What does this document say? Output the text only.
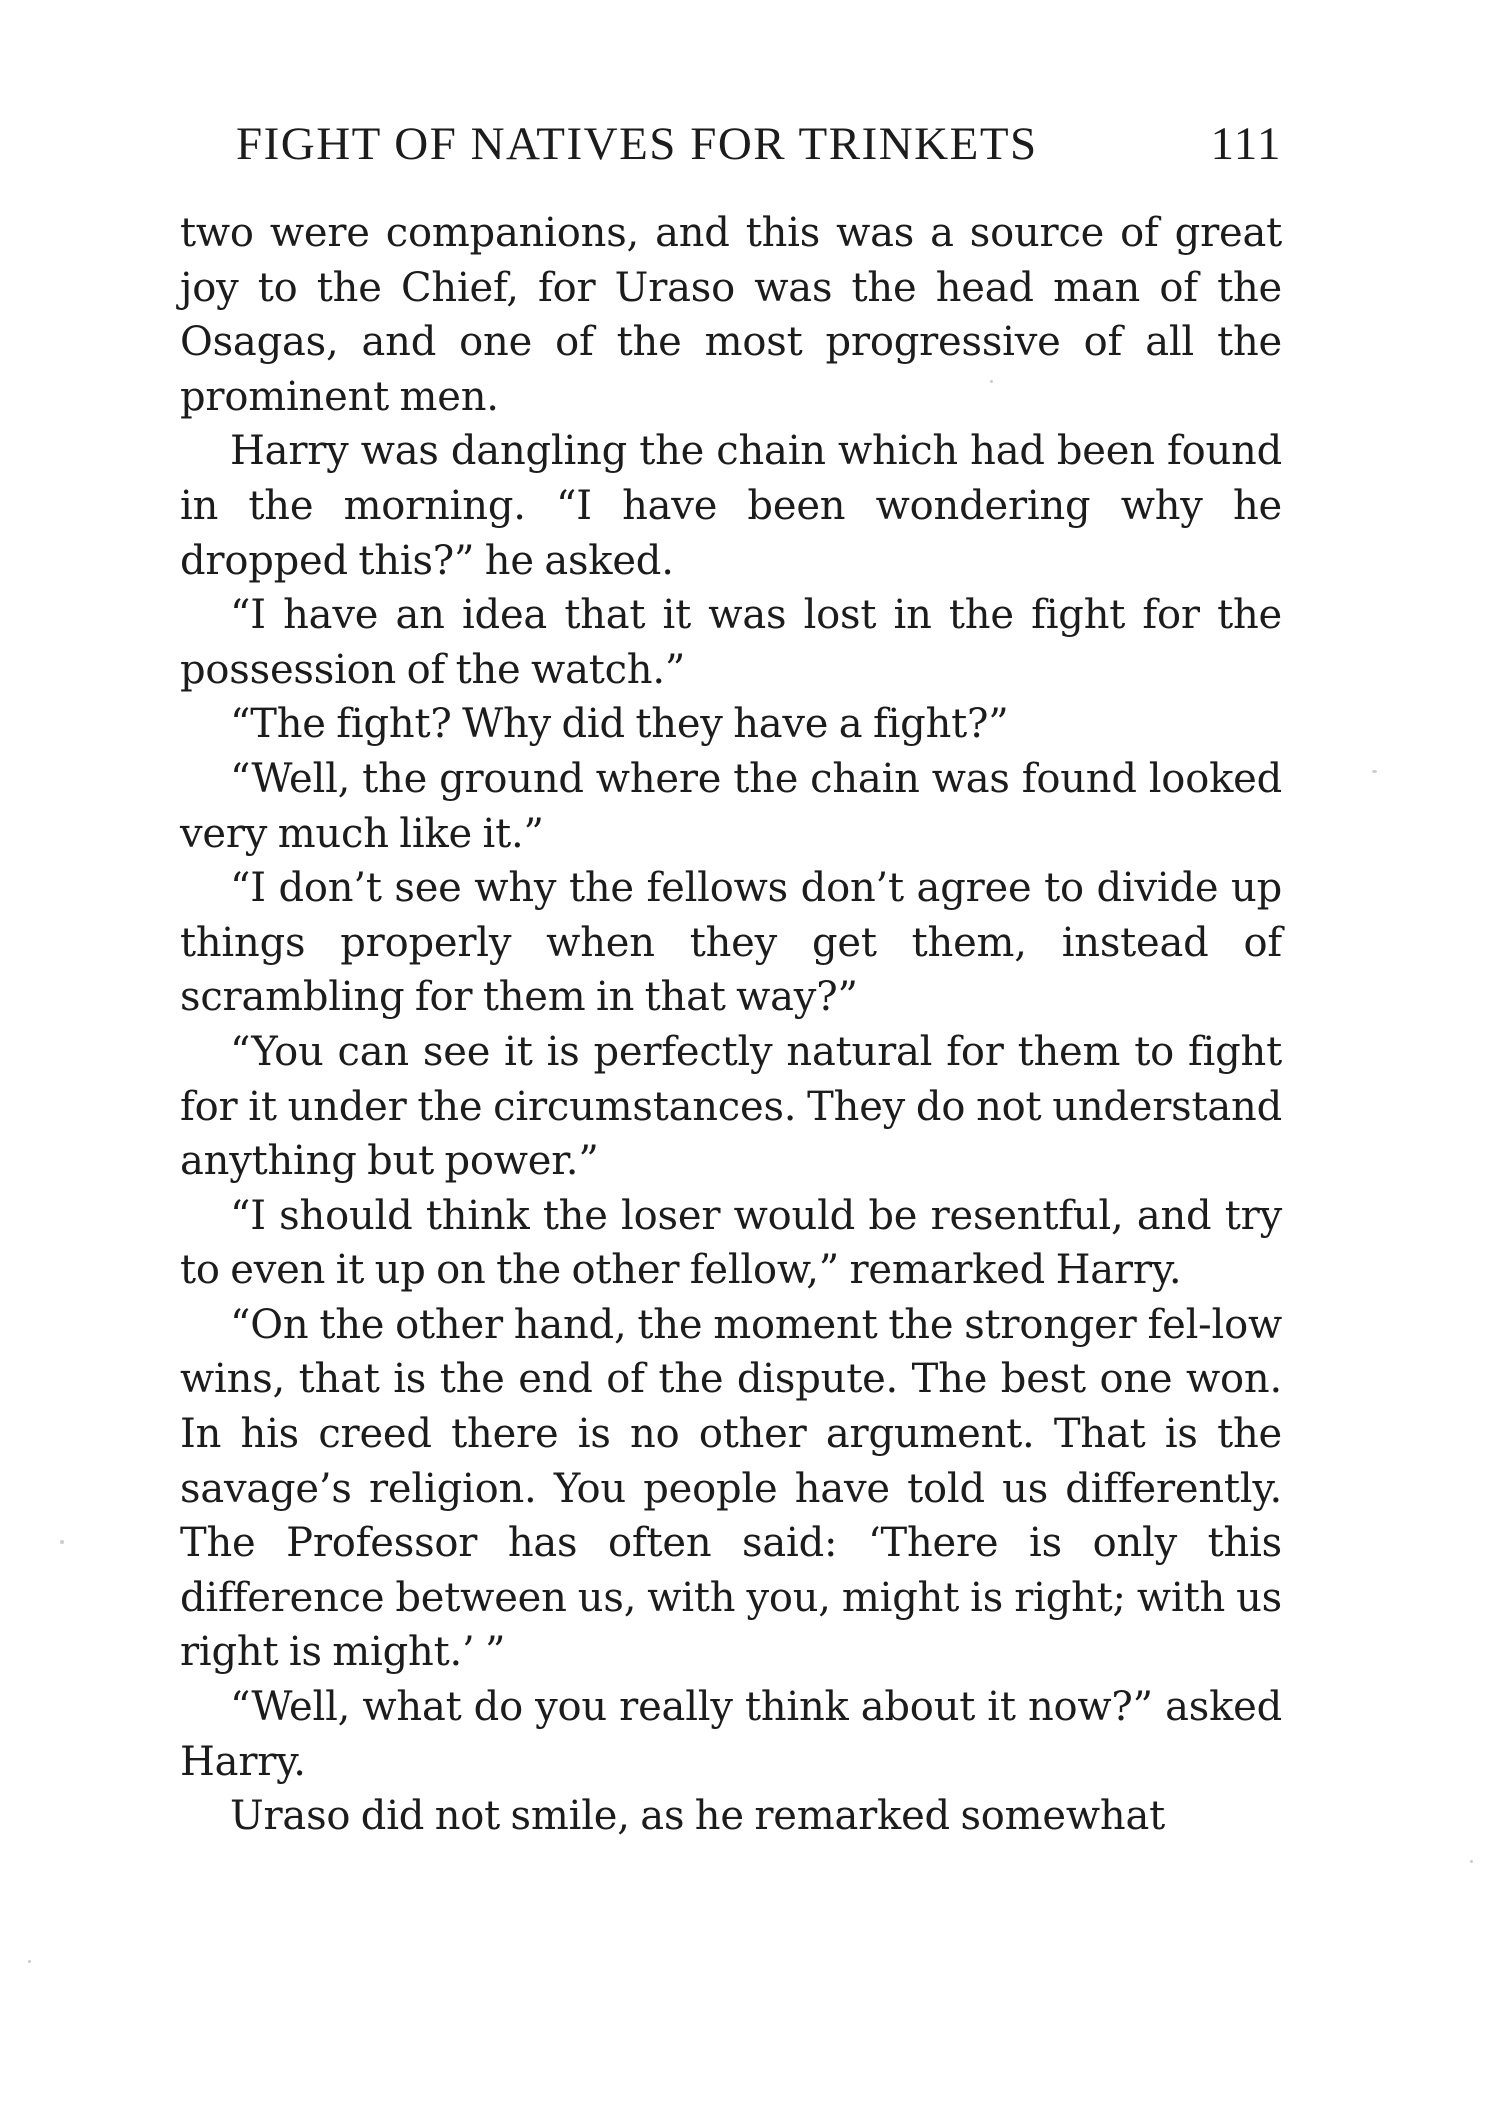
FIGHT OF NATIVES FOR TRINKETS	111

two were companions, and this was a source of great joy to the Chief, for Uraso was the head man of the Osagas, and one of the most progressive of all the prominent men.

Harry was dangling the chain which had been found in the morning. “I have been wondering why he dropped this?” he asked.

“I have an idea that it was lost in the fight for the possession of the watch.”

“The fight? Why did they have a fight?”

“Well, the ground where the chain was found looked very much like it.”

“I don’t see why the fellows don’t agree to divide up things properly when they get them, instead of scrambling for them in that way?”

“You can see it is perfectly natural for them to fight for it under the circumstances. They do not understand anything but power.”

“I should think the loser would be resentful, and try to even it up on the other fellow,” remarked Harry.

“On the other hand, the moment the stronger fel-low wins, that is the end of the dispute. The best one won. In his creed there is no other argument. That is the savage’s religion. You people have told us differently. The Professor has often said: ‘There is only this difference between us, with you, might is right; with us right is might.’ ”

“Well, what do you really think about it now?” asked Harry.

Uraso did not smile, as he remarked somewhat
